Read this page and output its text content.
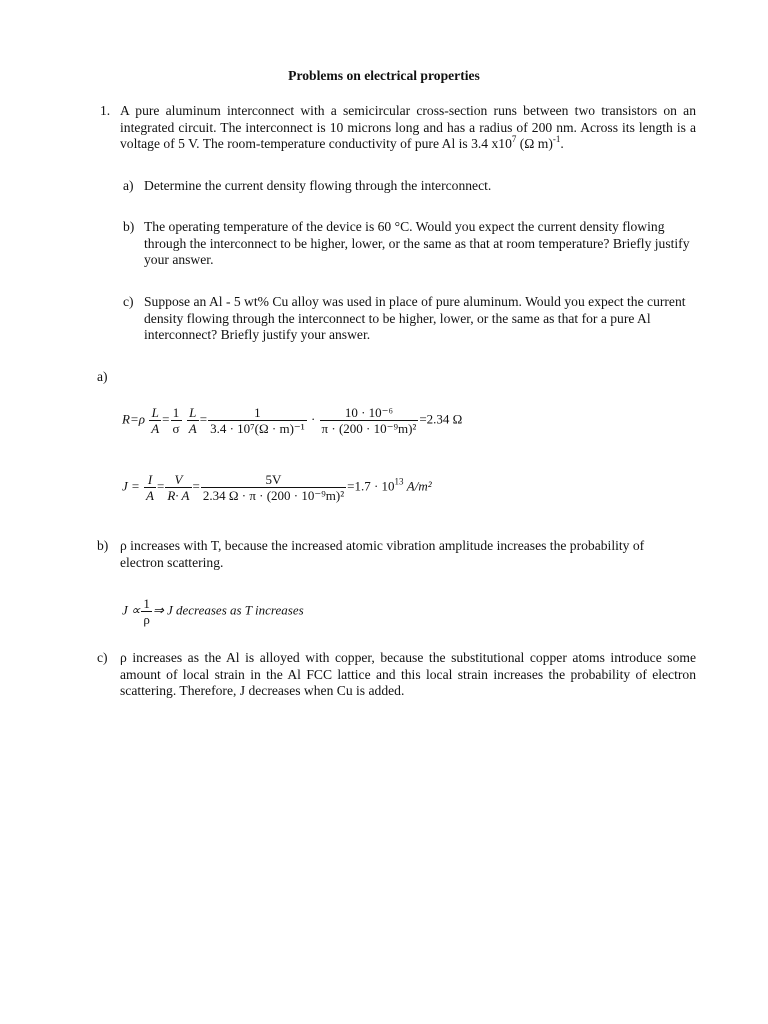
Problems on electrical properties
1. A pure aluminum interconnect with a semicircular cross-section runs between two transistors on an integrated circuit. The interconnect is 10 microns long and has a radius of 200 nm. Across its length is a voltage of 5 V. The room-temperature conductivity of pure Al is 3.4 $x10^7$ (Ω m)$^{-1}$.
a) Determine the current density flowing through the interconnect.
b) The operating temperature of the device is 60 °C. Would you expect the current density flowing through the interconnect to be higher, lower, or the same as that at room temperature? Briefly justify your answer.
c) Suppose an Al - 5 wt% Cu alloy was used in place of pure aluminum. Would you expect the current density flowing through the interconnect to be higher, lower, or the same as that for a pure Al interconnect? Briefly justify your answer.
a)
$R=\rho \frac{L}{A} = \frac{1}{\sigma}$
$\frac{L}{A} = \frac{1}{\text{3.4 · 10⁷(Ω · m)⁻¹}} \cdot \frac{\text{10 · 10⁻⁶}}{\text{π · (200 · 10⁻⁹m)²}} =2.34$ Ω
$J = \frac{I}{A} = \frac{V}{R\cdot A} = \frac{5V}{\text{2.34 Ω · π · (200 · 10⁻⁹m)²}} =1.7 \cdot 10^{13}$ A/m²
b) ρ increases with T, because the increased atomic vibration amplitude increases the probability of electron scattering.
$J \propto \frac{1}{\rho}$ ⇒ J decreases as T increases
c) ρ increases as the Al is alloyed with copper, because the substitutional copper atoms introduce some amount of local strain in the Al FCC lattice and this local strain increases the probability of electron scattering. Therefore, J decreases when Cu is added.
